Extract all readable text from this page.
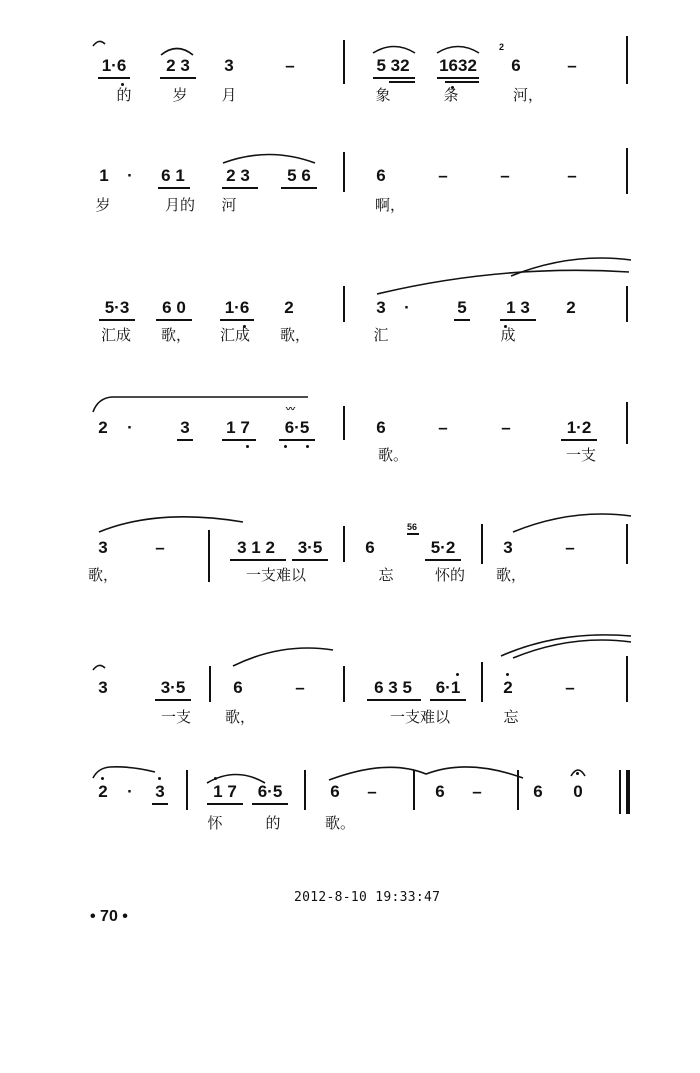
1·6 2 3 3	–	5 32 1632
2
6	–
的	岁 月	象	条	河，
1 · 6 1 2 3 5 6	6	–	–	–
岁	月的 河	啊，
5·3 6 0 1·6 2	3 ·	5 1 3 2
汇成 歌， 汇成 歌，	汇	成
2 ·	3 1 7
〰
6·5	6	–	–	1·2
歌。	一支
3	–	3 1 2 3·5	6
56
5·2	3	–
歌，	一支难以	忘	怀的 歌，
3	3·5	6	–	6 3 5 6·1	2	–
一支 歌，	一支难以	忘
2 · 3	1 7 6·5	6 –	6 –	6 0
怀	的	歌。
2012-8-10 19:33:47
• 70 •
